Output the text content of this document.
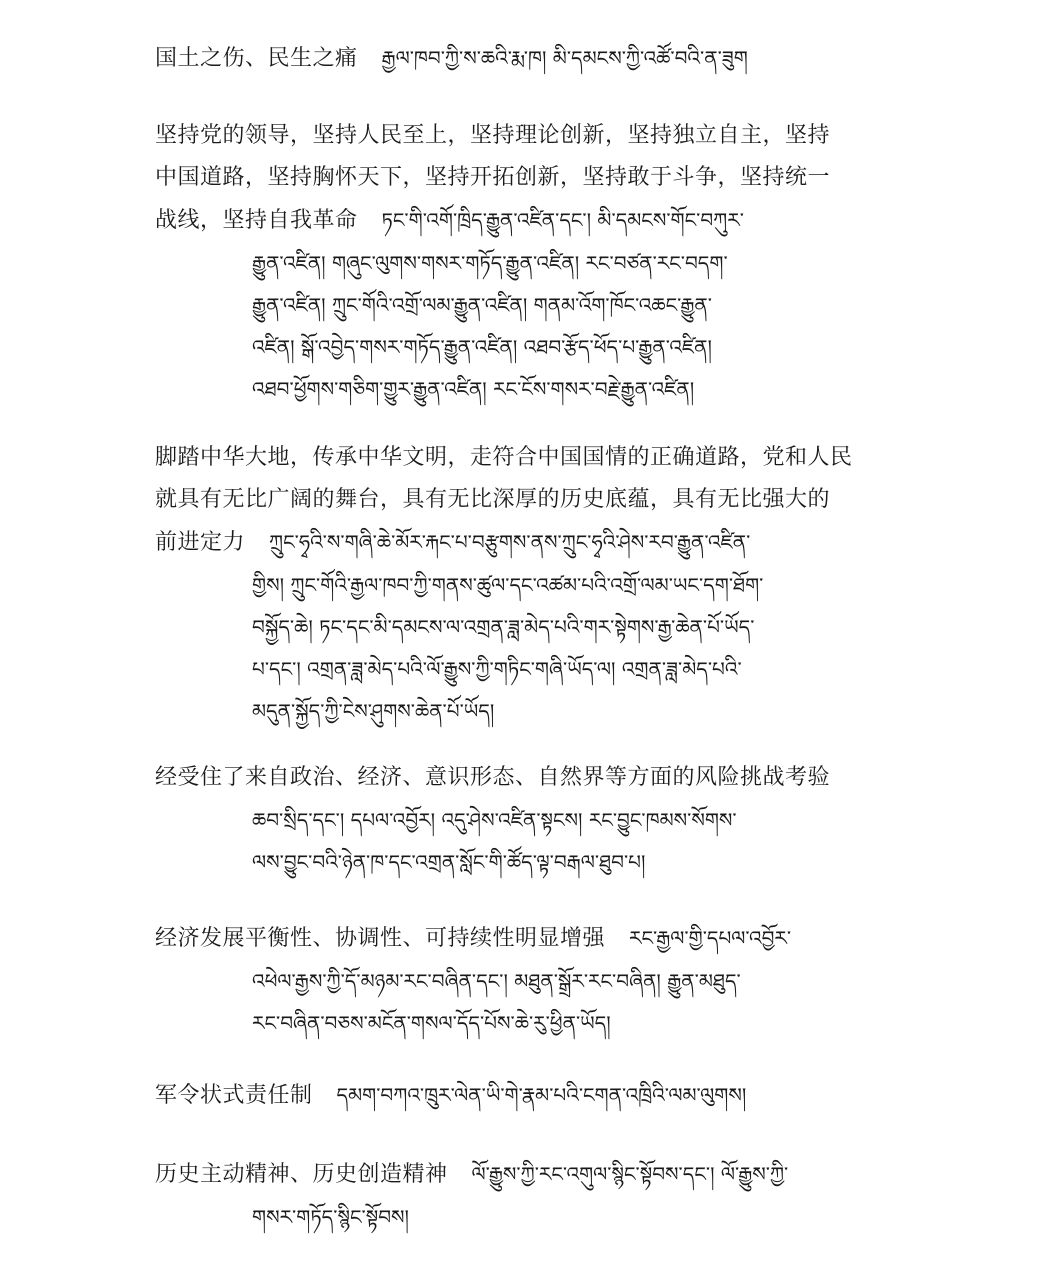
国土之伤、民生之痛 རྒྱལ་ཁབ་ཀྱི་ས་ཆའི་རྨ་ཁ། མི་དམངས་ཀྱི་འཚོ་བའི་ན་ཟུག

坚持党的领导，坚持人民至上，坚持理论创新，坚持独立自主，坚持
中国道路，坚持胸怀天下，坚持开拓创新，坚持敢于斗争，坚持统一

战线，坚持自我革命 ཏང་གི་འགོ་ཁྲིད་རྒྱུན་འཛིན་དང་། མི་དམངས་གོང་བཀུར་
རྒྱུན་འཛིན། གཞུང་ལུགས་གསར་གཏོད་རྒྱུན་འཛིན། རང་བཙན་རང་བདག་
རྒྱུན་འཛིན། ཀྲུང་གོའི་འགྲོ་ལམ་རྒྱུན་འཛིན། གནམ་འོག་ཁོང་འཆང་རྒྱུན་
འཛིན། སྒོ་འབྱེད་གསར་གཏོད་རྒྱུན་འཛིན། འཐབ་རྩོད་ཕོད་པ་རྒྱུན་འཛིན།
འཐབ་ཕྱོགས་གཅིག་གྱུར་རྒྱུན་འཛིན། རང་ངོས་གསར་བརྗེ་རྒྱུན་འཛིན།

脚踏中华大地，传承中华文明，走符合中国国情的正确道路，党和人民
就具有无比广阔的舞台，具有无比深厚的历史底蕴，具有无比强大的

前进定力 ཀྲུང་ཧྭའི་ས་གཞི་ཆེ་མོར་རྐང་པ་བརྩུགས་ནས་ཀྲུང་ཧྭའི་ཤེས་རབ་རྒྱུན་འཛིན་
གྱིས། ཀྲུང་གོའི་རྒྱལ་ཁབ་ཀྱི་གནས་ཚུལ་དང་འཚམ་པའི་འགྲོ་ལམ་ཡང་དག་ཐོག་
བསྐྱོད་ཆེ། ཏང་དང་མི་དམངས་ལ་འགྲན་ཟླ་མེད་པའི་གར་སྟེགས་རྒྱ་ཆེན་པོ་ཡོད་
པ་དང་། འགྲན་ཟླ་མེད་པའི་ལོ་རྒྱུས་ཀྱི་གཏིང་གཞི་ཡོད་ལ། འགྲན་ཟླ་མེད་པའི་
མདུན་སྐྱོད་ཀྱི་ངེས་ཤུགས་ཆེན་པོ་ཡོད།

经受住了来自政治、经济、意识形态、自然界等方面的风险挑战考验

ཆབ་སྲིད་དང་། དཔལ་འབྱོར། འདུ་ཤེས་འཛིན་སྟངས། རང་བྱུང་ཁམས་སོགས་
ལས་བྱུང་བའི་ཉེན་ཁ་དང་འགྲན་སློང་གི་ཚོད་ལྟ་བརྒལ་ཐུབ་པ།
经济发展平衡性、协调性、可持续性明显增强 རང་རྒྱལ་གྱི་དཔལ་འབྱོར་
འཕེལ་རྒྱས་ཀྱི་དོ་མཉམ་རང་བཞིན་དང་། མཐུན་སྒྲོར་རང་བཞིན། རྒྱུན་མཐུད་
རང་བཞིན་བཅས་མངོན་གསལ་དོད་པོས་ཆེ་རུ་ཕྱིན་ཡོད།
军令状式责任制 དམག་བཀའ་ཁྲུར་ལེན་ཡི་གེ་རྣམ་པའི་ངགན་འཁྲིའི་ལམ་ལུགས།
历史主动精神、历史创造精神 ལོ་རྒྱུས་ཀྱི་རང་འགུལ་སྙིང་སྟོབས་དང་། ལོ་རྒྱུས་ཀྱི་
གསར་གཏོད་སྙིང་སྟོབས།
